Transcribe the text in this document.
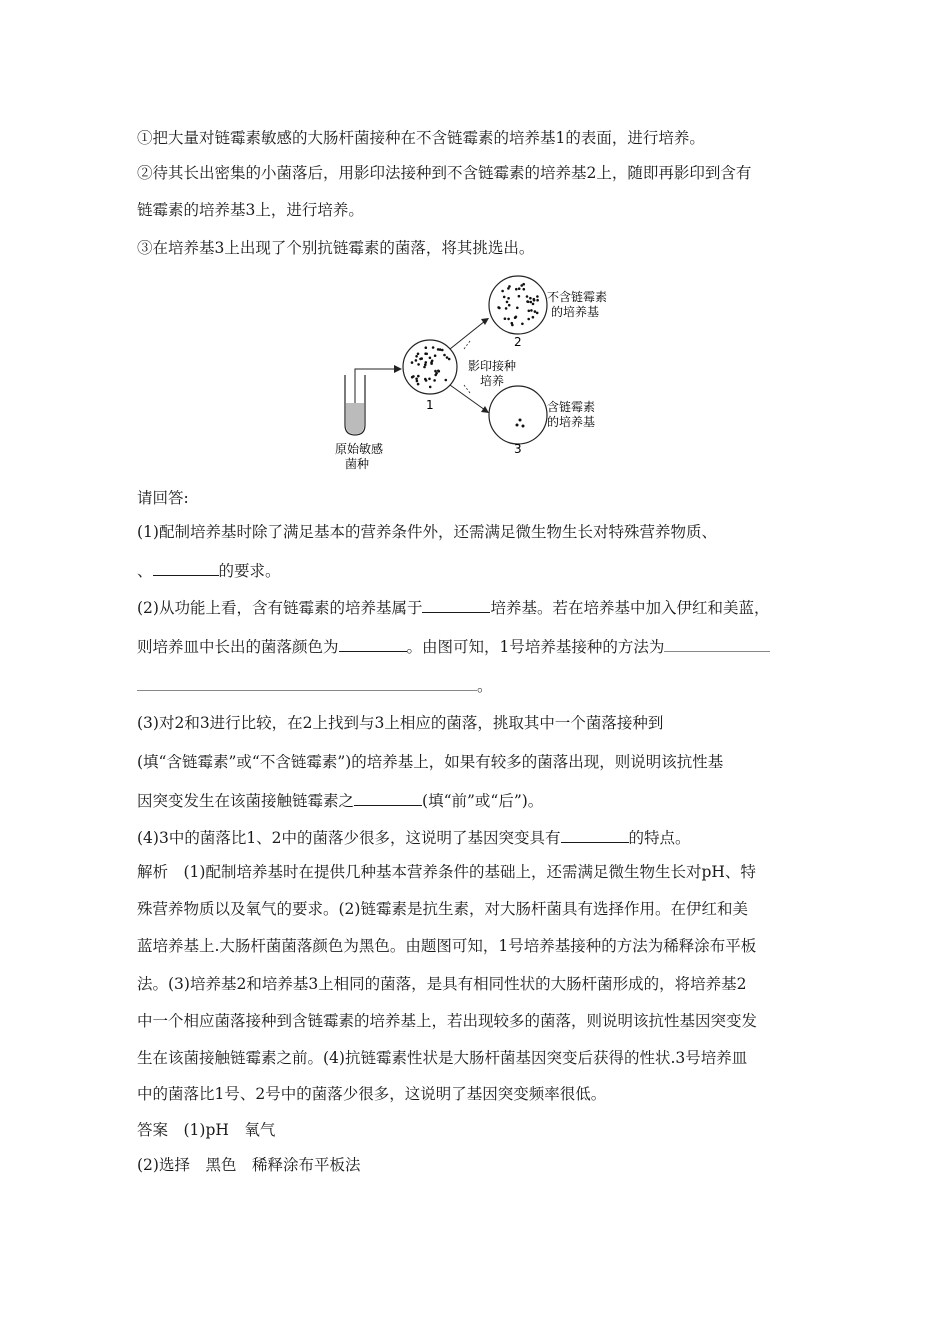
①把大量对链霉素敏感的大肠杆菌接种在不含链霉素的培养基1的表面，进行培养。
②待其长出密集的小菌落后，用影印法接种到不含链霉素的培养基2上，随即再影印到含有
链霉素的培养基3上，进行培养。
③在培养基3上出现了个别抗链霉素的菌落，将其挑选出。
原始敏感
菌种
1
2
不含链霉素
的培养基
3
含链霉素
的培养基
影印接种
培养
请回答:
(1)配制培养基时除了满足基本的营养条件外，还需满足微生物生长对特殊营养物质、
、	的要求。
(2)从功能上看，含有链霉素的培养基属于	培养基。若在培养基中加入伊红和美蓝，
则培养皿中长出的菌落颜色为	。由图可知，1号培养基接种的方法为
。
(3)对2和3进行比较，在2上找到与3上相应的菌落，挑取其中一个菌落接种到
(填“含链霉素”或“不含链霉素”)的培养基上，如果有较多的菌落出现，则说明该抗性基
因突变发生在该菌接触链霉素之	(填“前”或“后”)。
(4)3中的菌落比1、2中的菌落少很多，这说明了基因突变具有	的特点。
解析　(1)配制培养基时在提供几种基本营养条件的基础上，还需满足微生物生长对pH、特
殊营养物质以及氧气的要求。(2)链霉素是抗生素，对大肠杆菌具有选择作用。在伊红和美
蓝培养基上.大肠杆菌菌落颜色为黑色。由题图可知，1号培养基接种的方法为稀释涂布平板
法。(3)培养基2和培养基3上相同的菌落，是具有相同性状的大肠杆菌形成的，将培养基2
中一个相应菌落接种到含链霉素的培养基上，若出现较多的菌落，则说明该抗性基因突变发
生在该菌接触链霉素之前。(4)抗链霉素性状是大肠杆菌基因突变后获得的性状.3号培养皿
中的菌落比1号、2号中的菌落少很多，这说明了基因突变频率很低。
答案　(1)pH　氧气
(2)选择　黑色　稀释涂布平板法
